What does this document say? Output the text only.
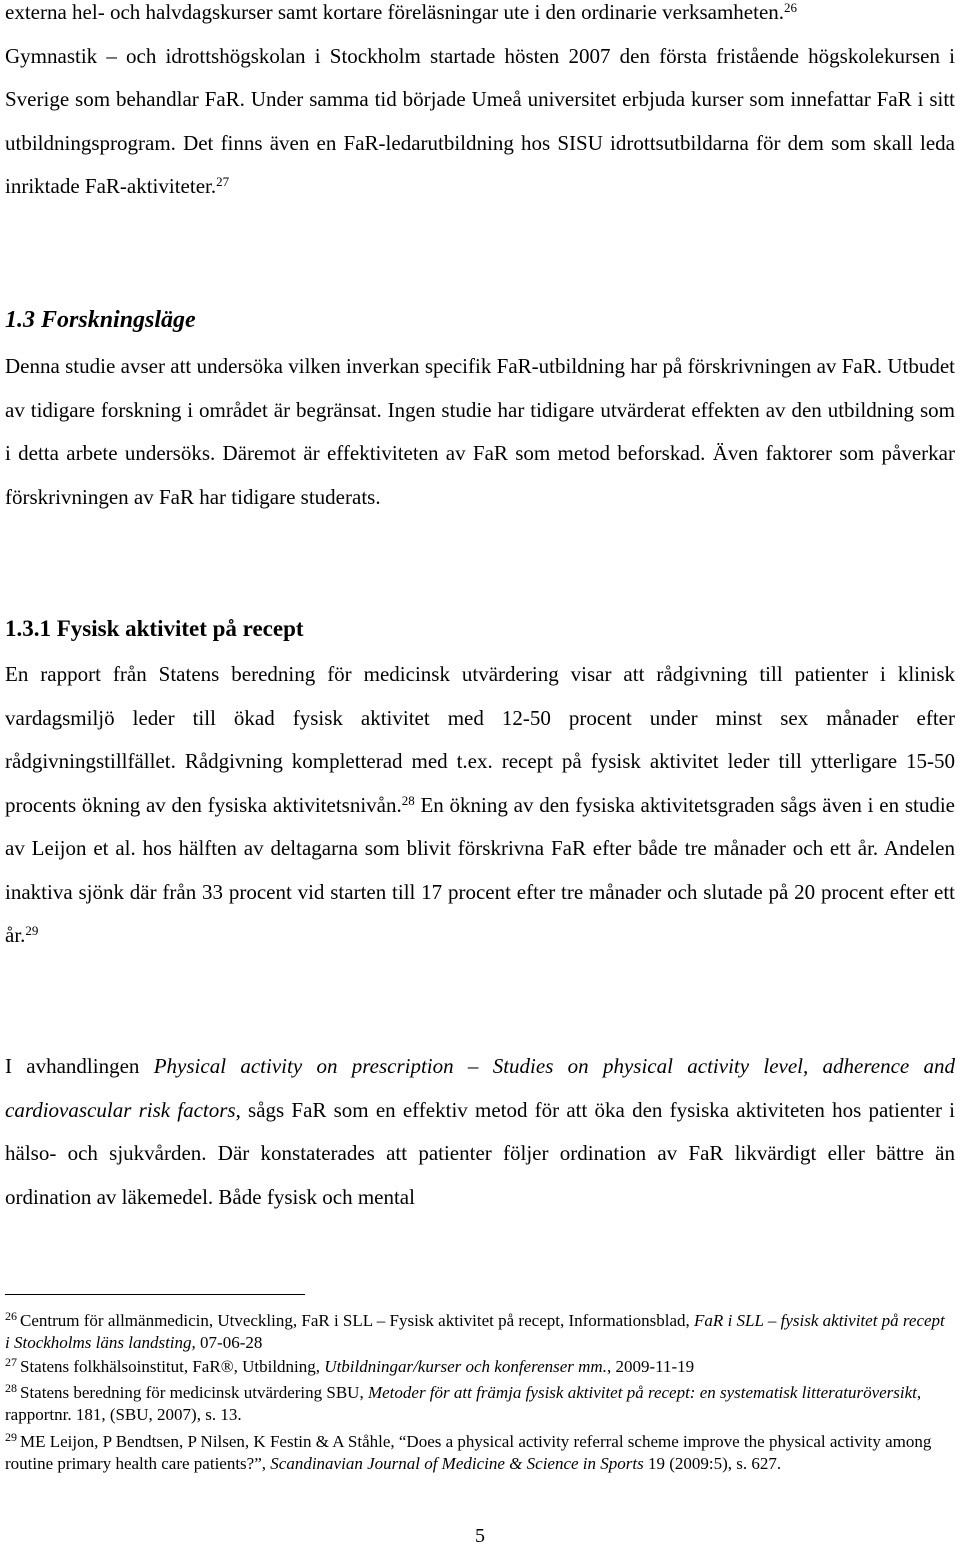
externa hel- och halvdagskurser samt kortare föreläsningar ute i den ordinarie verksamheten.$^{26}$
Gymnastik – och idrottshögskolan i Stockholm startade hösten 2007 den första fristående högskolekursen i Sverige som behandlar FaR. Under samma tid började Umeå universitet erbjuda kurser som innefattar FaR i sitt utbildningsprogram. Det finns även en FaR-ledarutbildning hos SISU idrottsutbildarna för dem som skall leda inriktade FaR-aktiviteter.$^{27}$

1.3 Forskningsläge

Denna studie avser att undersöka vilken inverkan specifik FaR-utbildning har på förskrivningen av FaR. Utbudet av tidigare forskning i området är begränsat. Ingen studie har tidigare utvärderat effekten av den utbildning som i detta arbete undersöks. Däremot är effektiviteten av FaR som metod beforskad. Även faktorer som påverkar förskrivningen av FaR har tidigare studerats.

1.3.1 Fysisk aktivitet på recept

En rapport från Statens beredning för medicinsk utvärdering visar att rådgivning till patienter i klinisk vardagsmiljö leder till ökad fysisk aktivitet med 12-50 procent under minst sex månader efter rådgivningstillfället. Rådgivning kompletterad med t.ex. recept på fysisk aktivitet leder till ytterligare 15-50 procents ökning av den fysiska aktivitetsnivån.$^{28}$ En ökning av den fysiska aktivitetsgraden sågs även i en studie av Leijon et al. hos hälften av deltagarna som blivit förskrivna FaR efter både tre månader och ett år. Andelen inaktiva sjönk där från 33 procent vid starten till 17 procent efter tre månader och slutade på 20 procent efter ett år.$^{29}$

I avhandlingen Physical activity on prescription – Studies on physical activity level, adherence and cardiovascular risk factors, sågs FaR som en effektiv metod för att öka den fysiska aktiviteten hos patienter i hälso- och sjukvården. Där konstaterades att patienter följer ordination av FaR likvärdigt eller bättre än ordination av läkemedel. Både fysisk och mental

$^{26}$ Centrum för allmänmedicin, Utveckling, FaR i SLL – Fysisk aktivitet på recept, Informationsblad, FaR i SLL – fysisk aktivitet på recept i Stockholms läns landsting, 07-06-28

$^{27}$ Statens folkhälsoinstitut, FaR®, Utbildning, Utbildningar/kurser och konferenser mm., 2009-11-19

$^{28}$ Statens beredning för medicinsk utvärdering SBU, Metoder för att främja fysisk aktivitet på recept: en systematisk litteraturöversikt, rapportnr. 181, (SBU, 2007), s. 13.

$^{29}$ ME Leijon, P Bendtsen, P Nilsen, K Festin & A Ståhle, “Does a physical activity referral scheme improve the physical activity among routine primary health care patients?”, Scandinavian Journal of Medicine & Science in Sports 19 (2009:5), s. 627.

5
